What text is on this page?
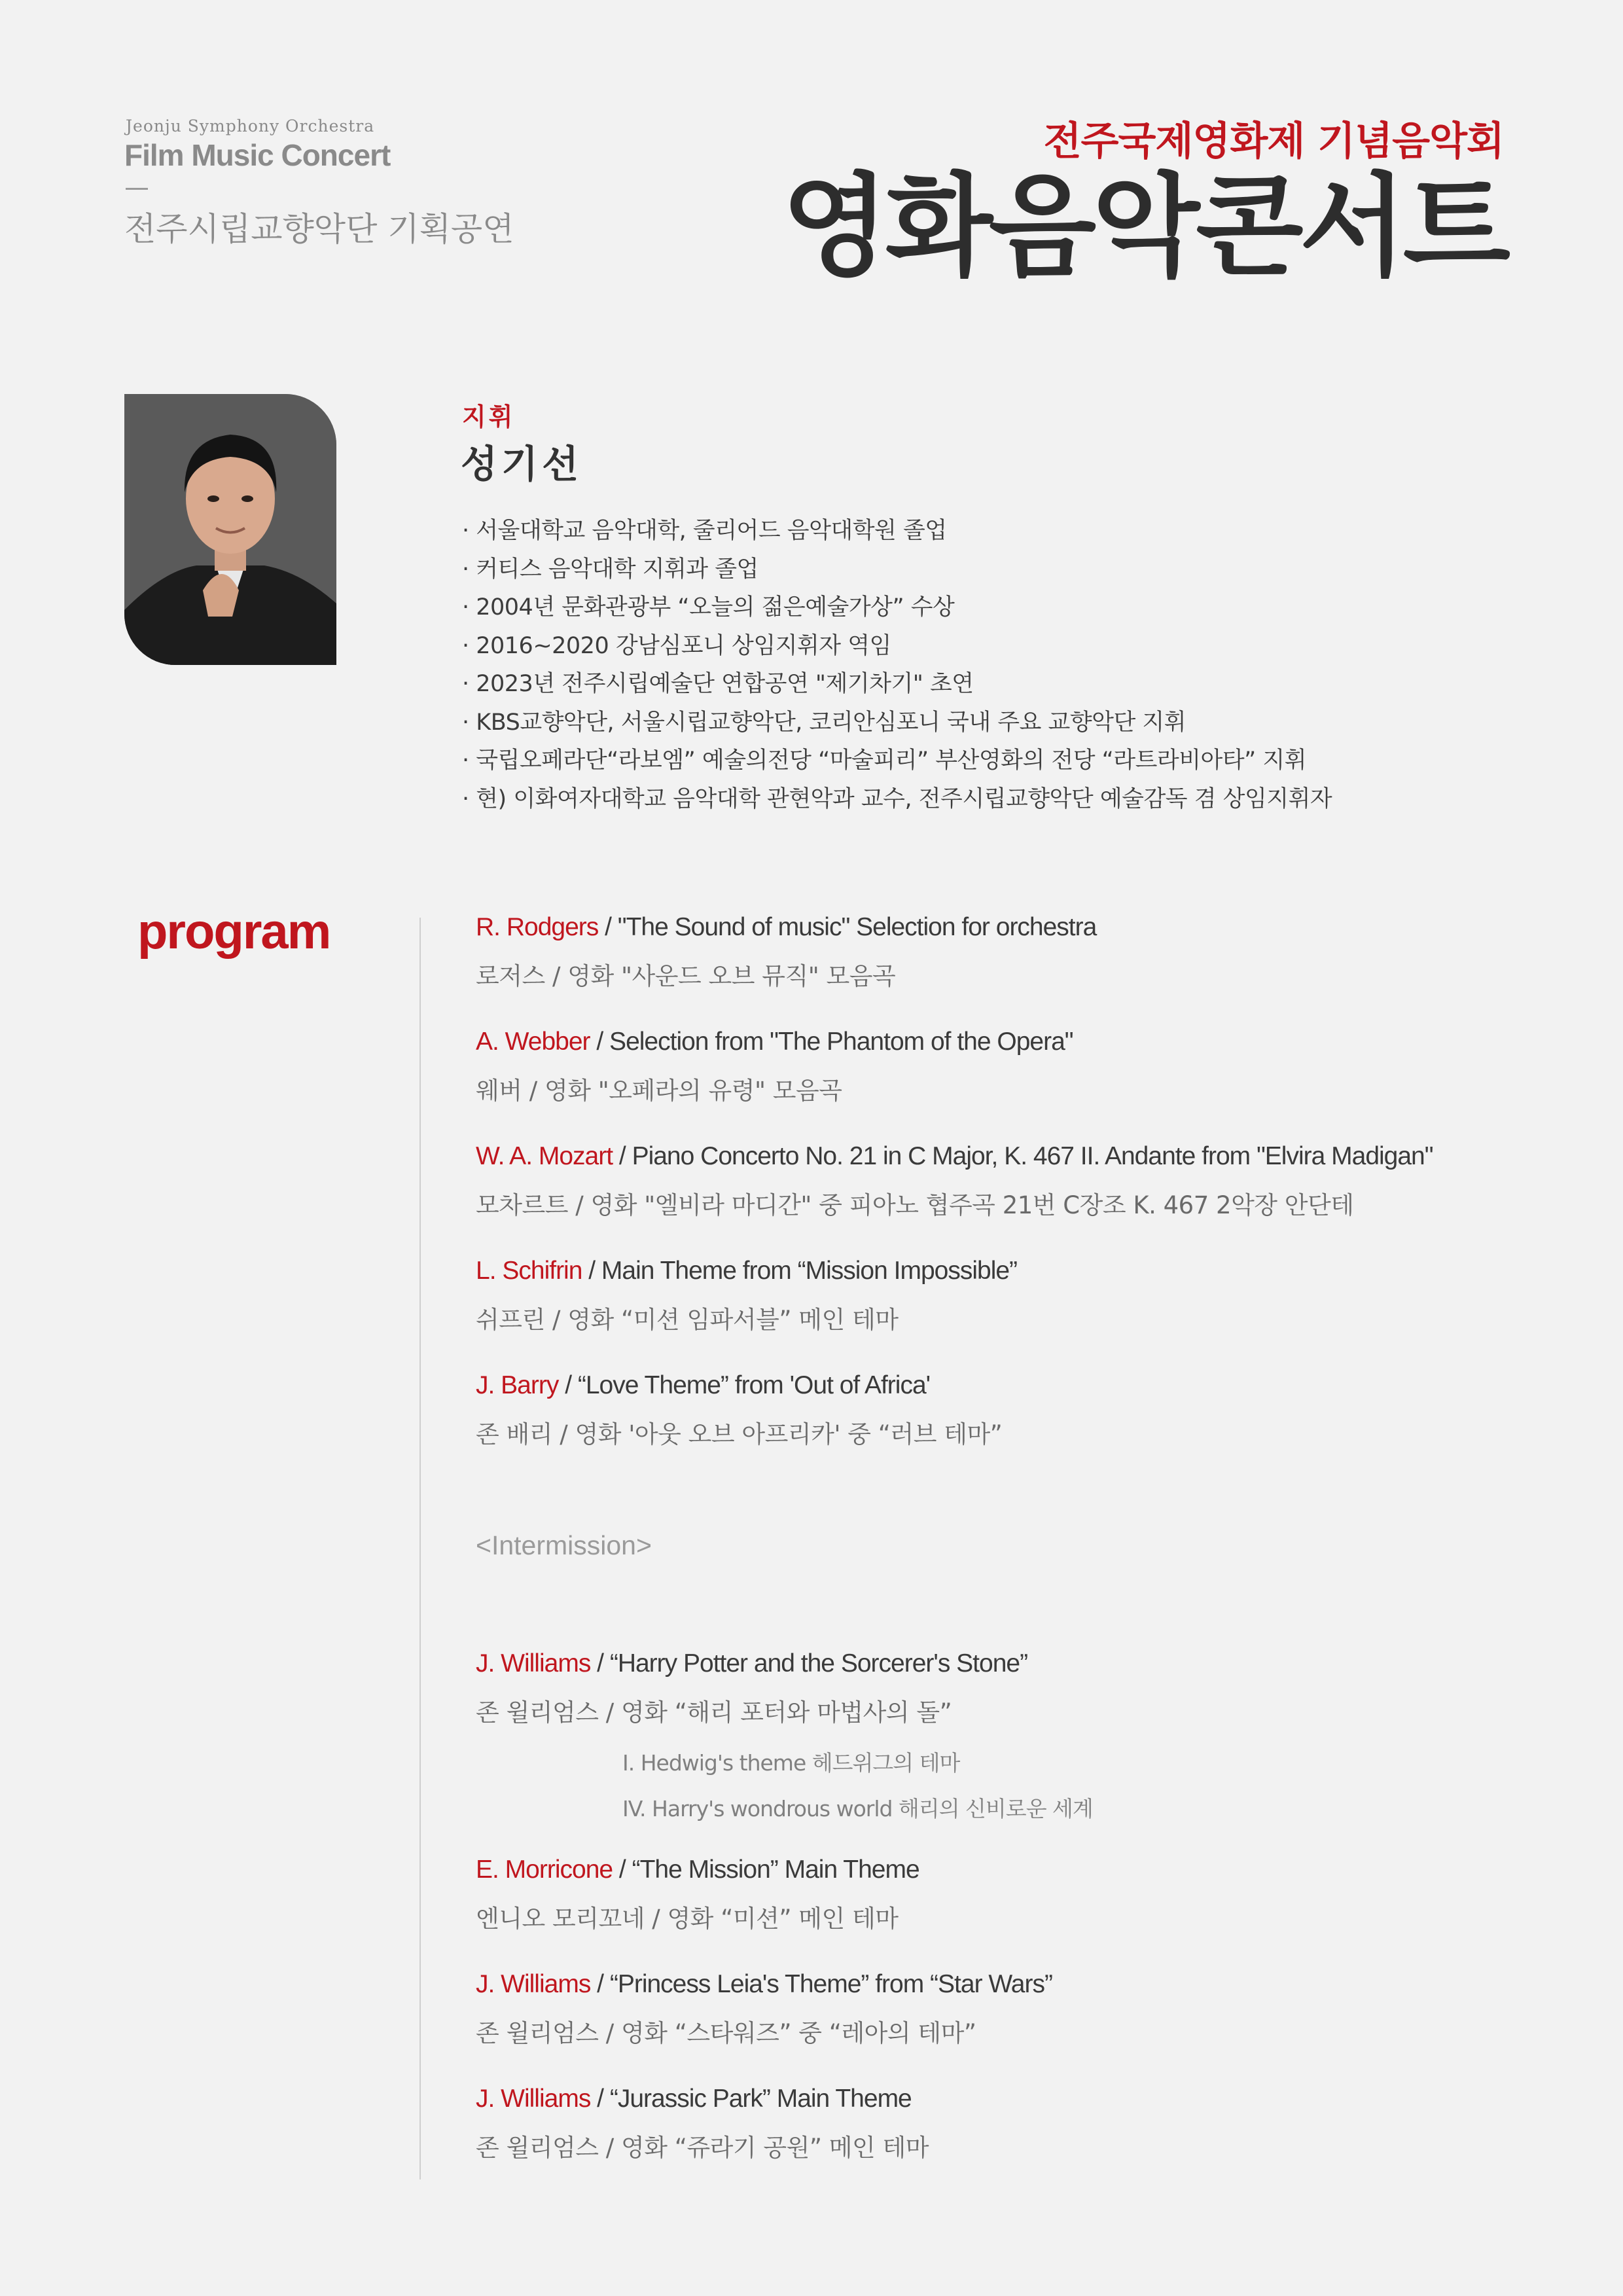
Jeonju Symphony Orchestra
Film Music Concert
전주시립교향악단 기획공연
전주국제영화제 기념음악회
영화음악콘서트
지휘
성기선
· 서울대학교 음악대학, 줄리어드 음악대학원 졸업
· 커티스 음악대학 지휘과 졸업
· 2004년 문화관광부 “오늘의 젊은예술가상” 수상
· 2016~2020 강남심포니 상임지휘자 역임
· 2023년 전주시립예술단 연합공연 "제기차기" 초연
· KBS교향악단, 서울시립교향악단, 코리안심포니 국내 주요 교향악단 지휘
· 국립오페라단“라보엠” 예술의전당 “마술피리” 부산영화의 전당 “라트라비아타” 지휘
· 현) 이화여자대학교 음악대학 관현악과 교수, 전주시립교향악단 예술감독 겸 상임지휘자
program	R. Rodgers / "The Sound of music" Selection for orchestra
로저스 / 영화 "사운드 오브 뮤직" 모음곡
A. Webber / Selection from "The Phantom of the Opera"
웨버 / 영화 "오페라의 유령" 모음곡
W. A. Mozart / Piano Concerto No. 21 in C Major, K. 467 II. Andante from "Elvira Madigan"
모차르트 / 영화 "엘비라 마디간" 중 피아노 협주곡 21번 C장조 K. 467 2악장 안단테
L. Schifrin / Main Theme from “Mission Impossible”
쉬프린 / 영화 “미션 임파서블” 메인 테마
J. Barry / “Love Theme” from 'Out of Africa'
존 배리 / 영화 '아웃 오브 아프리카' 중 “러브 테마”
<Intermission>
J. Williams / “Harry Potter and the Sorcerer's Stone”
존 윌리엄스 / 영화 “해리 포터와 마법사의 돌”
I. Hedwig's theme 헤드위그의 테마
IV. Harry's wondrous world 해리의 신비로운 세계
E. Morricone / “The Mission” Main Theme
엔니오 모리꼬네 / 영화 “미션” 메인 테마
J. Williams / “Princess Leia's Theme” from “Star Wars”
존 윌리엄스 / 영화 “스타워즈” 중 “레아의 테마”
J. Williams / “Jurassic Park” Main Theme
존 윌리엄스 / 영화 “쥬라기 공원” 메인 테마
